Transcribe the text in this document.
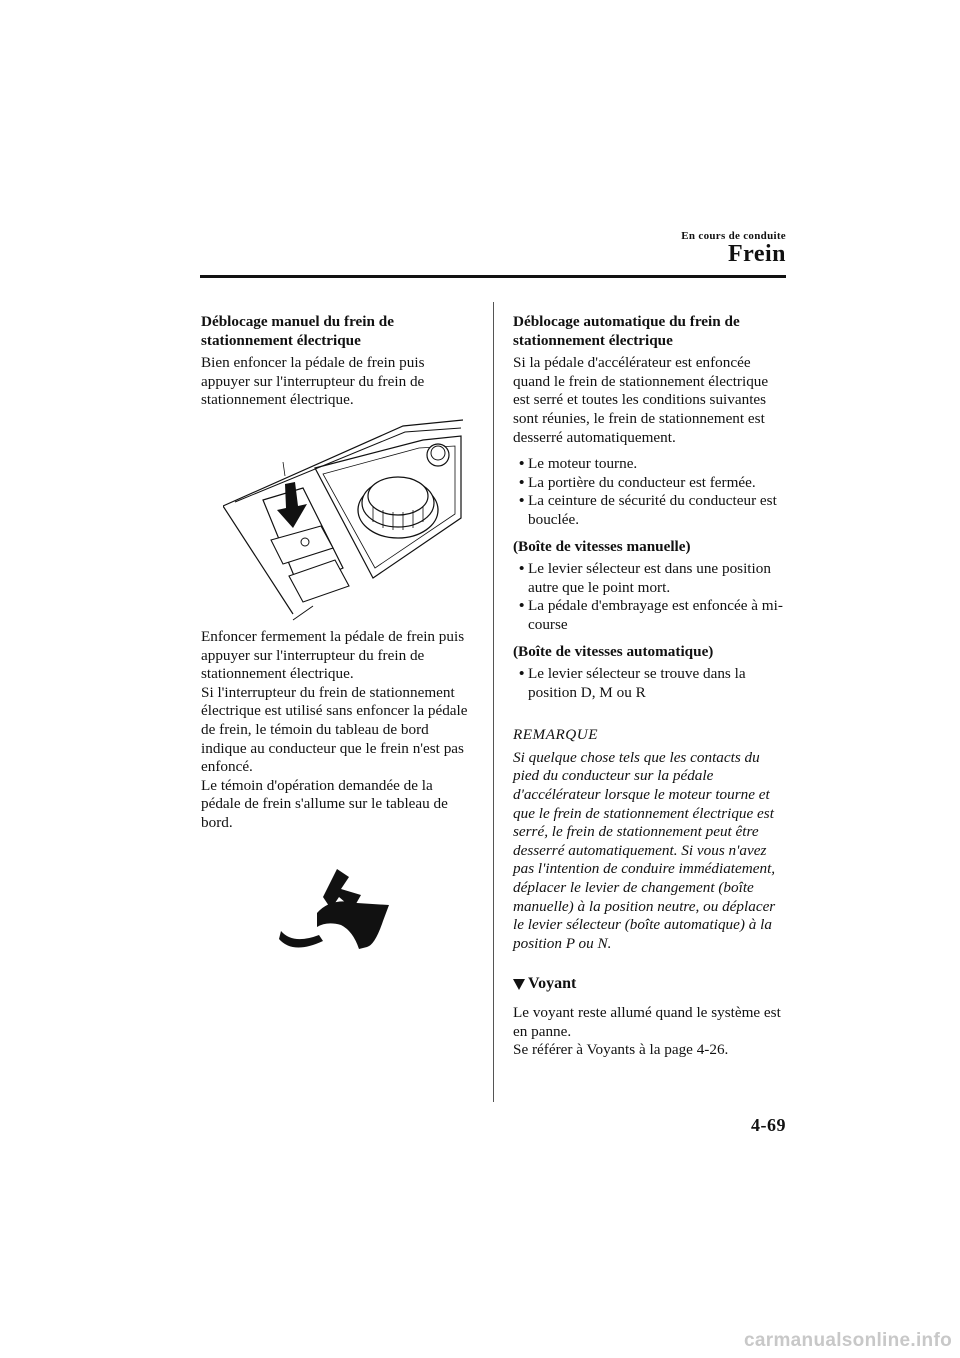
En cours de conduite
Frein

Déblocage manuel du frein de stationnement électrique

Bien enfoncer la pédale de frein puis appuyer sur l'interrupteur du frein de stationnement électrique.

Enfoncer fermement la pédale de frein puis appuyer sur l'interrupteur du frein de stationnement électrique.

Si l'interrupteur du frein de stationnement électrique est utilisé sans enfoncer la pédale de frein, le témoin du tableau de bord indique au conducteur que le frein n'est pas enfoncé.

Le témoin d'opération demandée de la pédale de frein s'allume sur le tableau de bord.

Déblocage automatique du frein de stationnement électrique

Si la pédale d'accélérateur est enfoncée quand le frein de stationnement électrique est serré et toutes les conditions suivantes sont réunies, le frein de stationnement est desserré automatiquement.

• Le moteur tourne.
• La portière du conducteur est fermée.
• La ceinture de sécurité du conducteur est bouclée.

(Boîte de vitesses manuelle)

• Le levier sélecteur est dans une position autre que le point mort.
• La pédale d'embrayage est enfoncée à mi-course

(Boîte de vitesses automatique)

• Le levier sélecteur se trouve dans la position D, M ou R

REMARQUE

Si quelque chose tels que les contacts du pied du conducteur sur la pédale d'accélérateur lorsque le moteur tourne et que le frein de stationnement électrique est serré, le frein de stationnement peut être desserré automatiquement. Si vous n'avez pas l'intention de conduire immédiatement, déplacer le levier de changement (boîte manuelle) à la position neutre, ou déplacer le levier sélecteur (boîte automatique) à la position P ou N.

Voyant

Le voyant reste allumé quand le système est en panne.

Se référer à Voyants à la page 4-26.

4-69
carmanualsonline.info
